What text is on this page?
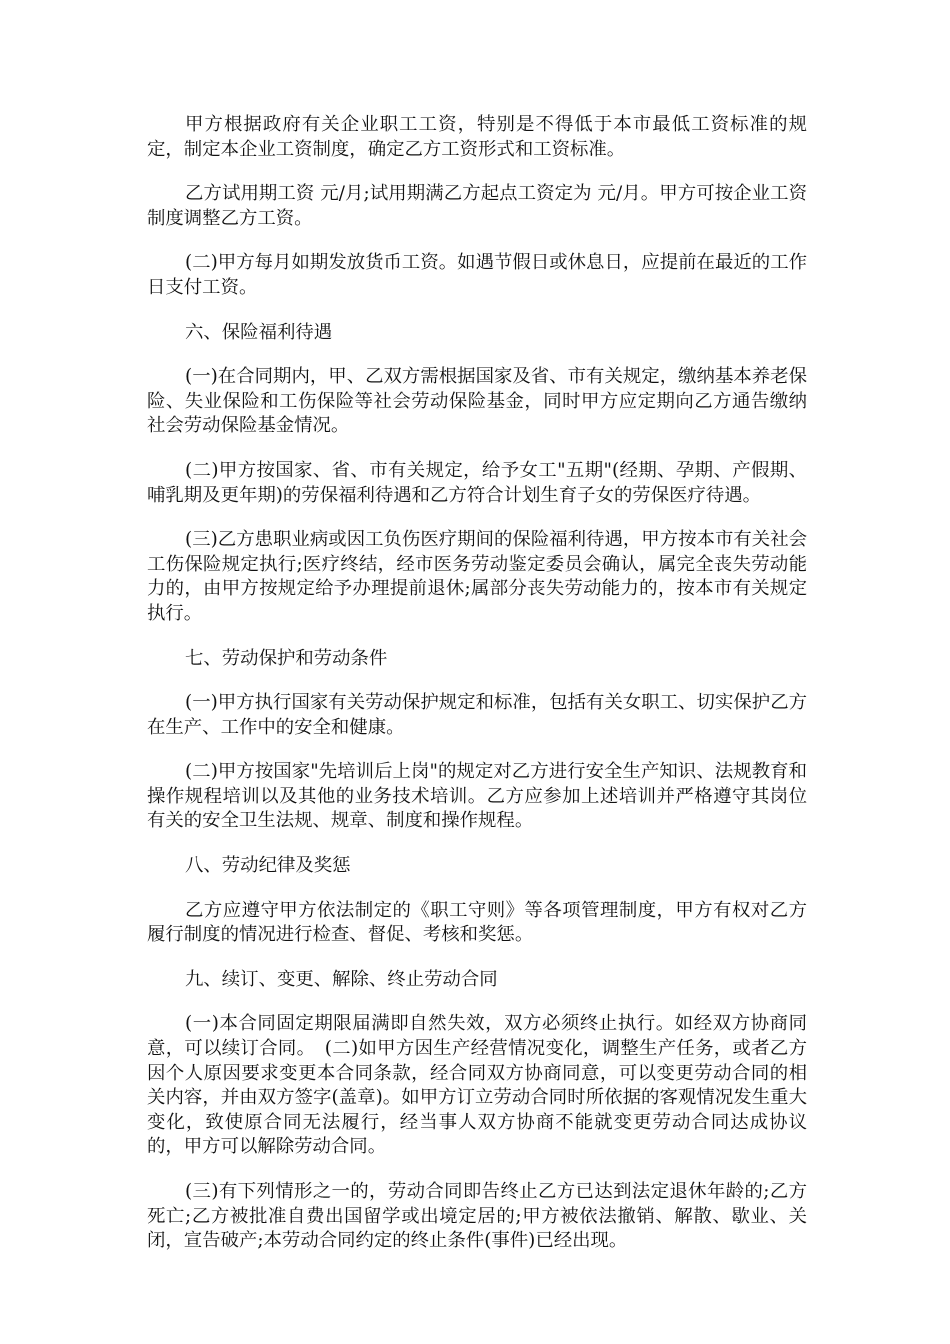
甲方根据政府有关企业职工工资，特别是不得低于本市最低工资标准的规定，制定本企业工资制度，确定乙方工资形式和工资标准。

乙方试用期工资 元/月;试用期满乙方起点工资定为 元/月。甲方可按企业工资制度调整乙方工资。

(二)甲方每月如期发放货币工资。如遇节假日或休息日，应提前在最近的工作日支付工资。

六、保险福利待遇

(一)在合同期内，甲、乙双方需根据国家及省、市有关规定，缴纳基本养老保险、失业保险和工伤保险等社会劳动保险基金，同时甲方应定期向乙方通告缴纳社会劳动保险基金情况。

(二)甲方按国家、省、市有关规定，给予女工"五期"(经期、孕期、产假期、哺乳期及更年期)的劳保福利待遇和乙方符合计划生育子女的劳保医疗待遇。

(三)乙方患职业病或因工负伤医疗期间的保险福利待遇，甲方按本市有关社会工伤保险规定执行;医疗终结，经市医务劳动鉴定委员会确认，属完全丧失劳动能力的，由甲方按规定给予办理提前退休;属部分丧失劳动能力的，按本市有关规定执行。

七、劳动保护和劳动条件

(一)甲方执行国家有关劳动保护规定和标准，包括有关女职工、切实保护乙方在生产、工作中的安全和健康。

(二)甲方按国家"先培训后上岗"的规定对乙方进行安全生产知识、法规教育和操作规程培训以及其他的业务技术培训。乙方应参加上述培训并严格遵守其岗位有关的安全卫生法规、规章、制度和操作规程。

八、劳动纪律及奖惩

乙方应遵守甲方依法制定的《职工守则》等各项管理制度，甲方有权对乙方履行制度的情况进行检查、督促、考核和奖惩。

九、续订、变更、解除、终止劳动合同

(一)本合同固定期限届满即自然失效，双方必须终止执行。如经双方协商同意，可以续订合同。　(二)如甲方因生产经营情况变化，调整生产任务，或者乙方因个人原因要求变更本合同条款，经合同双方协商同意，可以变更劳动合同的相关内容，并由双方签字(盖章)。如甲方订立劳动合同时所依据的客观情况发生重大变化，致使原合同无法履行，经当事人双方协商不能就变更劳动合同达成协议的，甲方可以解除劳动合同。

(三)有下列情形之一的，劳动合同即告终止乙方已达到法定退休年龄的;乙方死亡;乙方被批准自费出国留学或出境定居的;甲方被依法撤销、解散、歇业、关闭，宣告破产;本劳动合同约定的终止条件(事件)已经出现。
